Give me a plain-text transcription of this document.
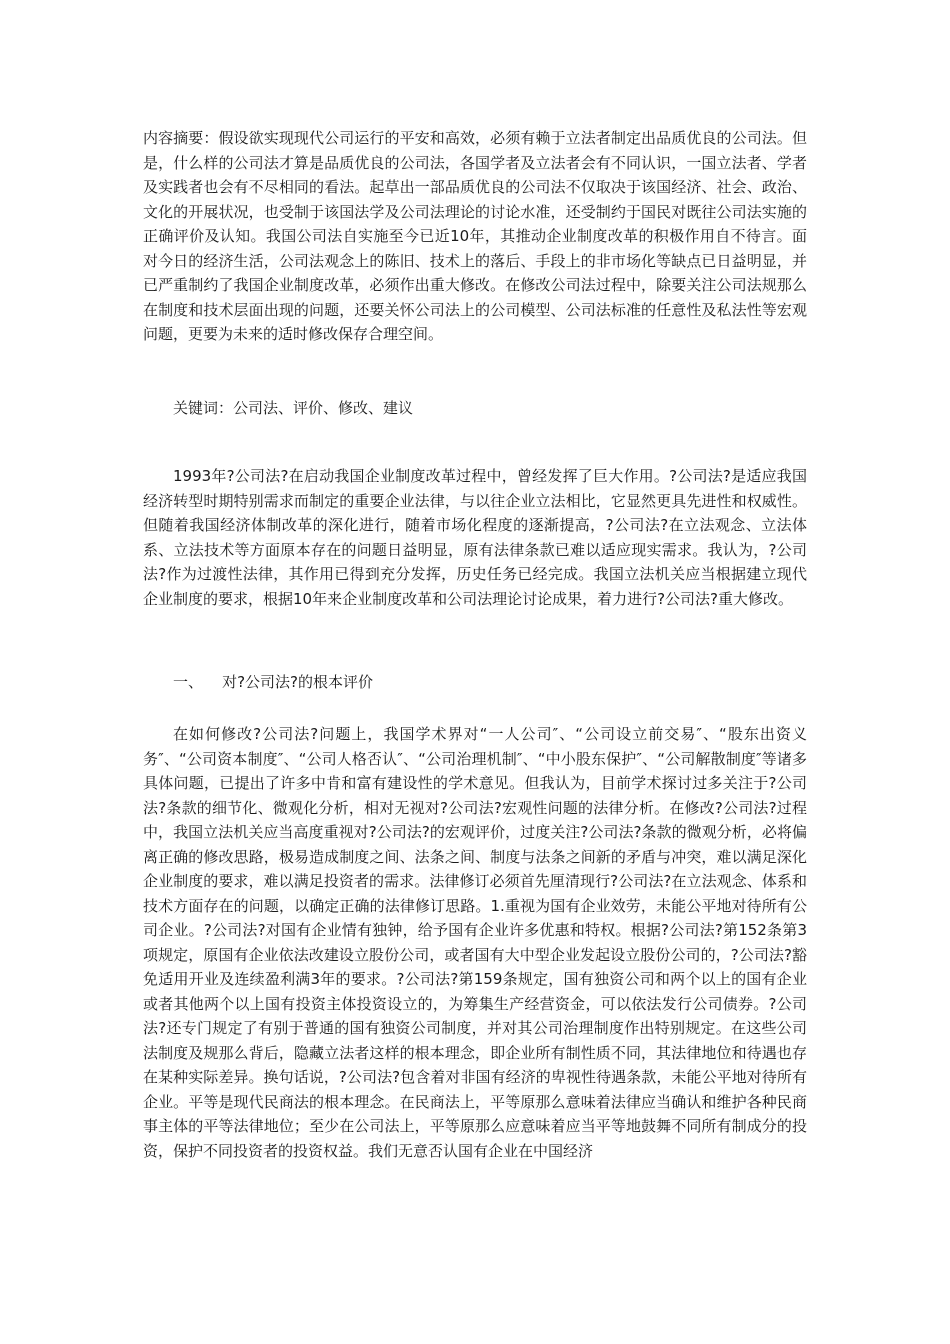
内容摘要：假设欲实现现代公司运行的平安和高效，必须有赖于立法者制定出品质优良的公司法。但是，什么样的公司法才算是品质优良的公司法，各国学者及立法者会有不同认识，一国立法者、学者及实践者也会有不尽相同的看法。起草出一部品质优良的公司法不仅取决于该国经济、社会、政治、文化的开展状况，也受制于该国法学及公司法理论的讨论水准，还受制约于国民对既往公司法实施的正确评价及认知。我国公司法自实施至今已近10年，其推动企业制度改革的积极作用自不待言。面对今日的经济生活，公司法观念上的陈旧、技术上的落后、手段上的非市场化等缺点已日益明显，并已严重制约了我国企业制度改革，必须作出重大修改。在修改公司法过程中，除要关注公司法规那么在制度和技术层面出现的问题，还要关怀公司法上的公司模型、公司法标准的任意性及私法性等宏观问题，更要为未来的适时修改保存合理空间。

关键词：公司法、评价、修改、建议

1993年?公司法?在启动我国企业制度改革过程中，曾经发挥了巨大作用。?公司法?是适应我国经济转型时期特别需求而制定的重要企业法律，与以往企业立法相比，它显然更具先进性和权威性。但随着我国经济体制改革的深化进行，随着市场化程度的逐渐提高，?公司法?在立法观念、立法体系、立法技术等方面原本存在的问题日益明显，原有法律条款已难以适应现实需求。我认为，?公司法?作为过渡性法律，其作用已得到充分发挥，历史任务已经完成。我国立法机关应当根据建立现代企业制度的要求，根据10年来企业制度改革和公司法理论讨论成果，着力进行?公司法?重大修改。

一、    对?公司法?的根本评价

在如何修改?公司法?问题上，我国学术界对“一人公司″、“公司设立前交易″、“股东出资义务″、“公司资本制度″、“公司人格否认″、“公司治理机制″、“中小股东保护″、“公司解散制度″等诸多具体问题，已提出了许多中肯和富有建设性的学术意见。但我认为，目前学术探讨过多关注于?公司法?条款的细节化、微观化分析，相对无视对?公司法?宏观性问题的法律分析。在修改?公司法?过程中，我国立法机关应当高度重视对?公司法?的宏观评价，过度关注?公司法?条款的微观分析，必将偏离正确的修改思路，极易造成制度之间、法条之间、制度与法条之间新的矛盾与冲突，难以满足深化企业制度的要求，难以满足投资者的需求。法律修订必须首先厘清现行?公司法?在立法观念、体系和技术方面存在的问题，以确定正确的法律修订思路。1.重视为国有企业效劳，未能公平地对待所有公司企业。?公司法?对国有企业情有独钟，给予国有企业许多优惠和特权。根据?公司法?第152条第3项规定，原国有企业依法改建设立股份公司，或者国有大中型企业发起设立股份公司的，?公司法?豁免适用开业及连续盈利满3年的要求。?公司法?第159条规定，国有独资公司和两个以上的国有企业或者其他两个以上国有投资主体投资设立的，为筹集生产经营资金，可以依法发行公司债券。?公司法?还专门规定了有别于普通的国有独资公司制度，并对其公司治理制度作出特别规定。在这些公司法制度及规那么背后，隐藏立法者这样的根本理念，即企业所有制性质不同，其法律地位和待遇也存在某种实际差异。换句话说，?公司法?包含着对非国有经济的卑视性待遇条款，未能公平地对待所有企业。平等是现代民商法的根本理念。在民商法上，平等原那么意味着法律应当确认和维护各种民商事主体的平等法律地位；至少在公司法上，平等原那么应意味着应当平等地鼓舞不同所有制成分的投资，保护不同投资者的投资权益。我们无意否认国有企业在中国经济
